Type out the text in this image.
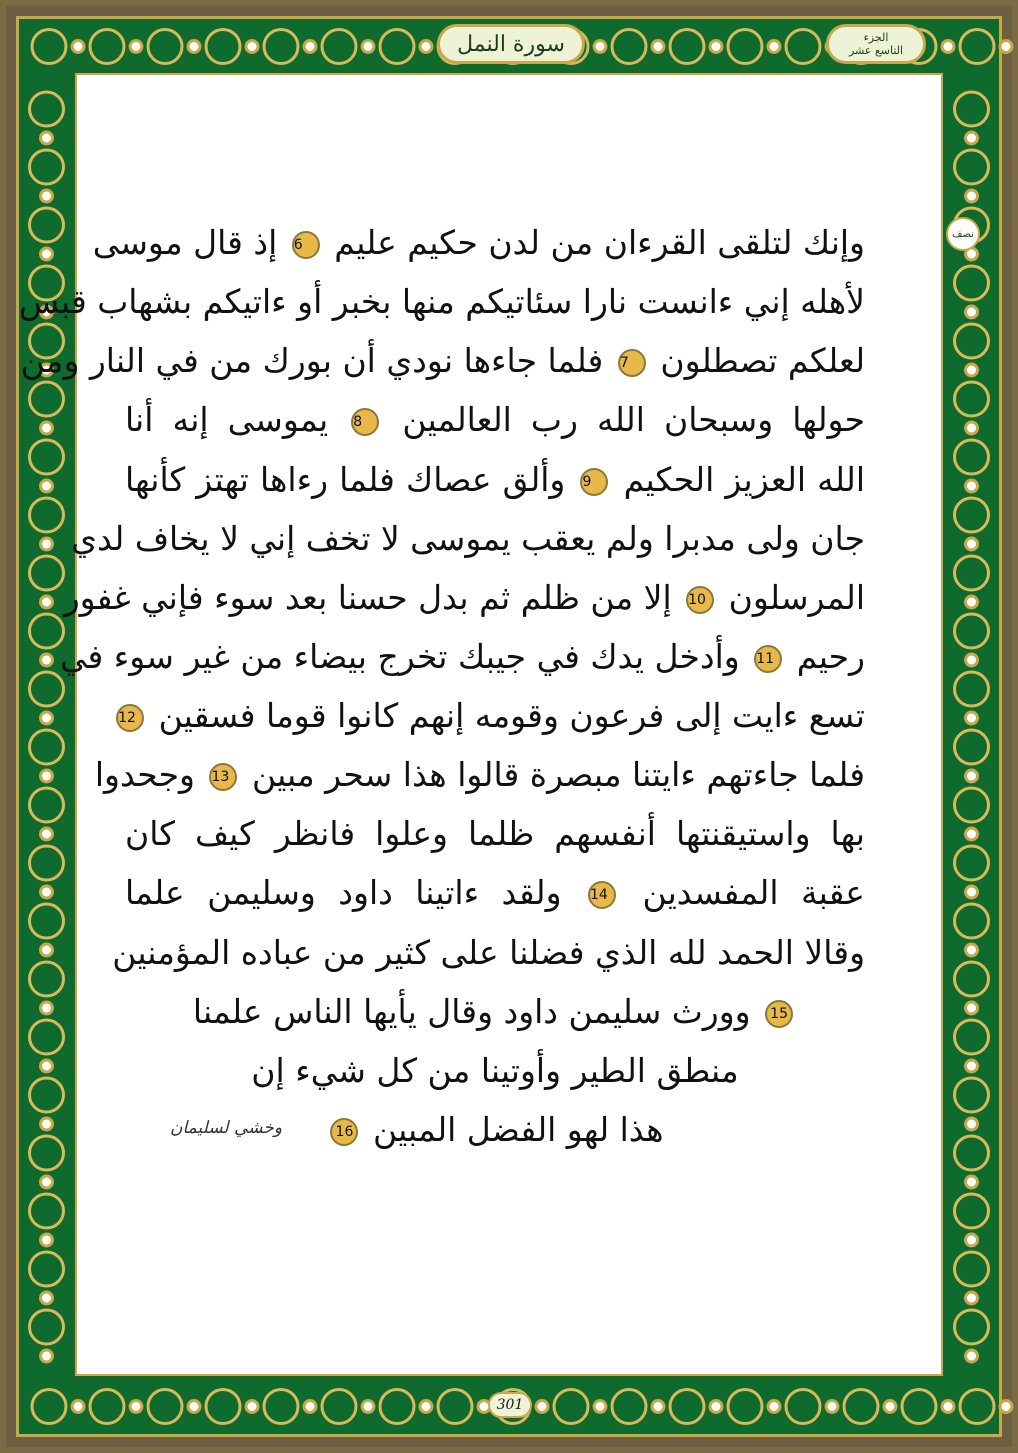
سورة النمل	الجزء
التاسع عشر
نصف
وإنك لتلقى القرءان من لدن حكيم عليم 6 إذ قال موسى
لأهله إني ءانست نارا سئاتيكم منها بخبر أو ءاتيكم بشهاب قبس
لعلكم تصطلون 7 فلما جاءها نودي أن بورك من في النار ومن
حولها وسبحان الله رب العالمين 8 يموسى إنه أنا
الله العزيز الحكيم 9 وألق عصاك فلما رءاها تهتز كأنها
جان ولى مدبرا ولم يعقب يموسى لا تخف إني لا يخاف لدي
المرسلون 10 إلا من ظلم ثم بدل حسنا بعد سوء فإني غفور
رحيم 11 وأدخل يدك في جيبك تخرج بيضاء من غير سوء في
تسع ءايت إلى فرعون وقومه إنهم كانوا قوما فسقين 12
فلما جاءتهم ءايتنا مبصرة قالوا هذا سحر مبين 13 وجحدوا
بها واستيقنتها أنفسهم ظلما وعلوا فانظر كيف كان
عقبة المفسدين 14 ولقد ءاتينا داود وسليمن علما
وقالا الحمد لله الذي فضلنا على كثير من عباده المؤمنين
15 وورث سليمن داود وقال يأيها الناس علمنا
منطق الطير وأوتينا من كل شيء إن
هذا لهو الفضل المبين 16
وخشي لسليمان
301
